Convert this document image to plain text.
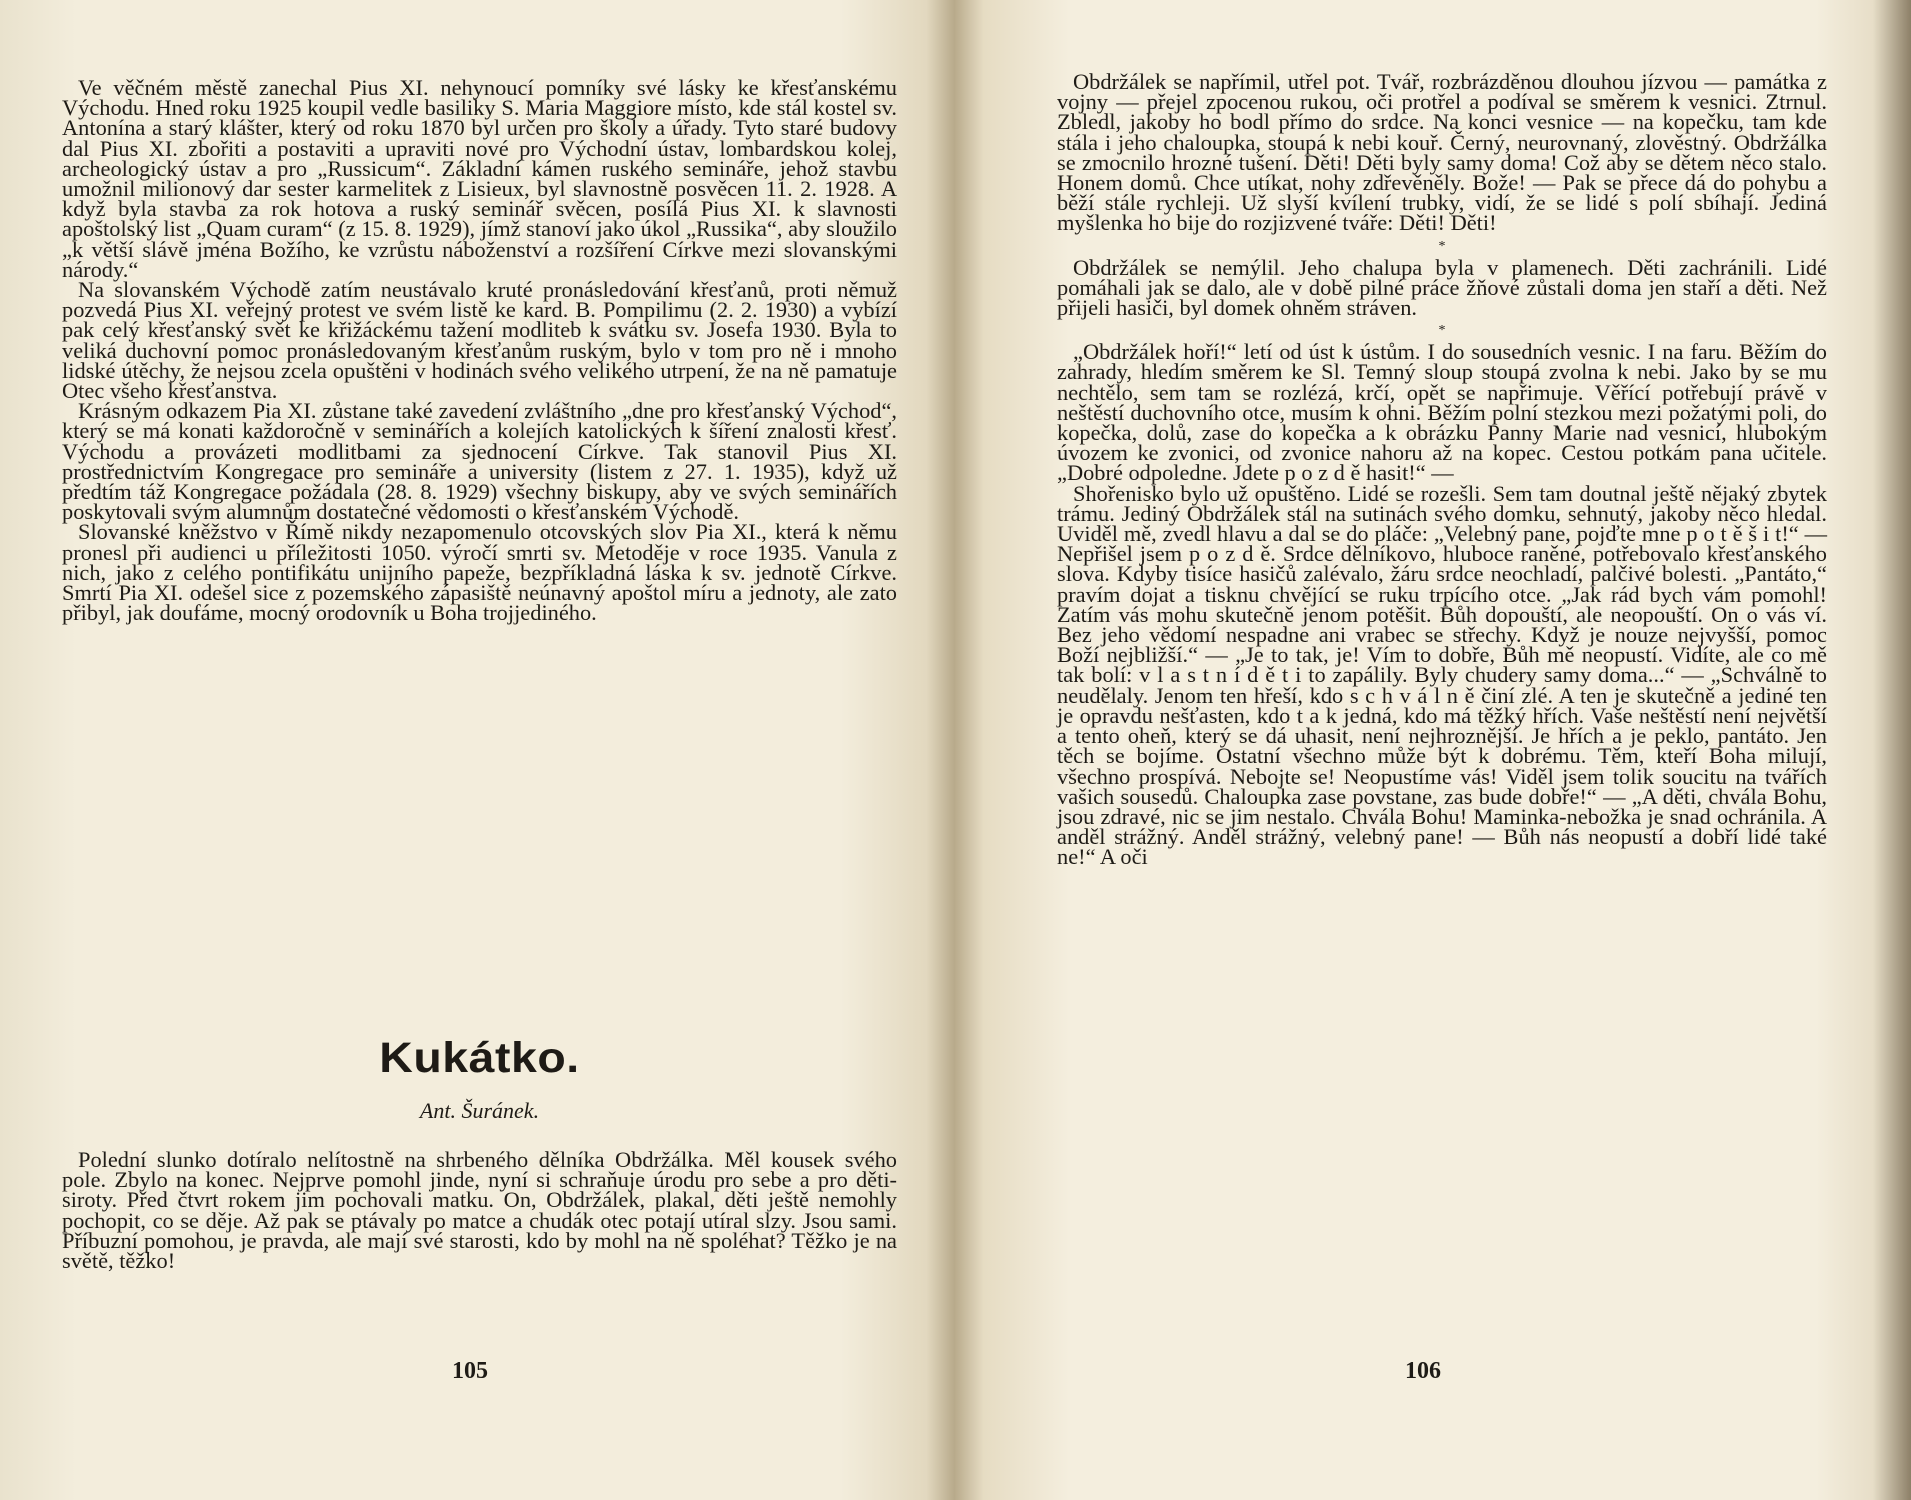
Ve věčném městě zanechal Pius XI. nehynoucí pomníky své lásky ke křesťanskému Východu. Hned roku 1925 koupil vedle basiliky S. Maria Maggiore místo, kde stál kostel sv. Antonína a starý klášter, který od roku 1870 byl určen pro školy a úřady. Tyto staré budovy dal Pius XI. zbořiti a postaviti a upraviti nové pro Východní ústav, lombardskou kolej, archeologický ústav a pro „Russicum“. Základní kámen ruského semináře, jehož stavbu umožnil milionový dar sester karmelitek z Lisieux, byl slavnostně posvěcen 11. 2. 1928. A když byla stavba za rok hotova a ruský seminář svěcen, posílá Pius XI. k slavnosti apoštolský list „Quam curam“ (z 15. 8. 1929), jímž stanoví jako úkol „Russika“, aby sloužilo „k větší slávě jména Božího, ke vzrůstu náboženství a rozšíření Církve mezi slovanskými národy.“

Na slovanském Východě zatím neustávalo kruté pronásledování křesťanů, proti němuž pozvedá Pius XI. veřejný protest ve svém listě ke kard. B. Pompilimu (2. 2. 1930) a vybízí pak celý křesťanský svět ke křižáckému tažení modliteb k svátku sv. Josefa 1930. Byla to veliká duchovní pomoc pronásledovaným křesťanům ruským, bylo v tom pro ně i mnoho lidské útěchy, že nejsou zcela opuštěni v hodinách svého velikého utrpení, že na ně pamatuje Otec všeho křesťanstva.

Krásným odkazem Pia XI. zůstane také zavedení zvláštního „dne pro křesťanský Východ“, který se má konati každoročně v seminářích a kolejích katolických k šíření znalosti křesť. Východu a provázeti modlitbami za sjednocení Církve. Tak stanovil Pius XI. prostřednictvím Kongregace pro semináře a university (listem z 27. 1. 1935), když už předtím táž Kongregace požádala (28. 8. 1929) všechny biskupy, aby ve svých seminářích poskytovali svým alumnům dostatečné vědomosti o křesťanském Východě.

Slovanské kněžstvo v Římě nikdy nezapomenulo otcovských slov Pia XI., která k němu pronesl při audienci u příležitosti 1050. výročí smrti sv. Metoděje v roce 1935. Vanula z nich, jako z celého pontifikátu unijního papeže, bezpříkladná láska k sv. jednotě Církve. Smrtí Pia XI. odešel sice z pozemského zápasiště neúnavný apoštol míru a jednoty, ale zato přibyl, jak doufáme, mocný orodovník u Boha trojjediného.

Kukátko.
Ant. Šuránek.

Polední slunko dotíralo nelítostně na shrbeného dělníka Obdržálka. Měl kousek svého pole. Zbylo na konec. Nejprve pomohl jinde, nyní si schraňuje úrodu pro sebe a pro děti-siroty. Před čtvrt rokem jim pochovali matku. On, Obdržálek, plakal, děti ještě nemohly pochopit, co se děje. Až pak se ptávaly po matce a chudák otec potají utíral slzy. Jsou sami. Příbuzní pomohou, je pravda, ale mají své starosti, kdo by mohl na ně spoléhat? Těžko je na světě, těžko!

105

Obdržálek se napřímil, utřel pot. Tvář, rozbrázděnou dlouhou jízvou — památka z vojny — přejel zpocenou rukou, oči protřel a podíval se směrem k vesnici. Ztrnul. Zbledl, jakoby ho bodl přímo do srdce. Na konci vesnice — na kopečku, tam kde stála i jeho chaloupka, stoupá k nebi kouř. Černý, neurovnaný, zlověstný. Obdržálka se zmocnilo hrozné tušení. Děti! Děti byly samy doma! Což aby se dětem něco stalo. Honem domů. Chce utíkat, nohy zdřevěněly. Bože! — Pak se přece dá do pohybu a běží stále rychleji. Už slyší kvílení trubky, vidí, že se lidé s polí sbíhají. Jediná myšlenka ho bije do rozjizvené tváře: Děti! Děti!

*

Obdržálek se nemýlil. Jeho chalupa byla v plamenech. Děti zachránili. Lidé pomáhali jak se dalo, ale v době pilné práce žňové zůstali doma jen staří a děti. Než přijeli hasiči, byl domek ohněm stráven.

*

„Obdržálek hoří!“ letí od úst k ústům. I do sousedních vesnic. I na faru. Běžím do zahrady, hledím směrem ke Sl. Temný sloup stoupá zvolna k nebi. Jako by se mu nechtělo, sem tam se rozlézá, krčí, opět se napřimuje. Věřící potřebují právě v neštěstí duchovního otce, musím k ohni. Běžím polní stezkou mezi požatými poli, do kopečka, dolů, zase do kopečka a k obrázku Panny Marie nad vesnicí, hlubokým úvozem ke zvonici, od zvonice nahoru až na kopec. Cestou potkám pana učitele. „Dobré odpoledne. Jdete p o z d ě hasit!“ —

Shořenisko bylo už opuštěno. Lidé se rozešli. Sem tam doutnal ještě nějaký zbytek trámu. Jediný Obdržálek stál na sutinách svého domku, sehnutý, jakoby něco hledal. Uviděl mě, zvedl hlavu a dal se do pláče: „Velebný pane, pojďte mne p o t ě š i t!“ — Nepřišel jsem p o z d ě. Srdce dělníkovo, hluboce raněné, potřebovalo křesťanského slova. Kdyby tisíce hasičů zalévalo, žáru srdce neochladí, palčivé bolesti. „Pantáto,“ pravím dojat a tisknu chvějící se ruku trpícího otce. „Jak rád bych vám pomohl! Zatím vás mohu skutečně jenom potěšit. Bůh dopouští, ale neopouští. On o vás ví. Bez jeho vědomí nespadne ani vrabec se střechy. Když je nouze nejvyšší, pomoc Boží nejbližší.“ — „Je to tak, je! Vím to dobře, Bůh mě neopustí. Vidíte, ale co mě tak bolí: v l a s t n í d ě t i to zapálily. Byly chudery samy doma...“ — „Schválně to neudělaly. Jenom ten hřeší, kdo s c h v á l n ě činí zlé. A ten je skutečně a jediné ten je opravdu nešťasten, kdo t a k jedná, kdo má těžký hřích. Vaše neštěstí není největší a tento oheň, který se dá uhasit, není nejhroznější. Je hřích a je peklo, pantáto. Jen těch se bojíme. Ostatní všechno může být k dobrému. Těm, kteří Boha milují, všechno prospívá. Nebojte se! Neopustíme vás! Viděl jsem tolik soucitu na tvářích vašich sousedů. Chaloupka zase povstane, zas bude dobře!“ — „A děti, chvála Bohu, jsou zdravé, nic se jim nestalo. Chvála Bohu! Maminka-nebožka je snad ochránila. A anděl strážný. Anděl strážný, velebný pane! — Bůh nás neopustí a dobří lidé také ne!“ A oči

106
